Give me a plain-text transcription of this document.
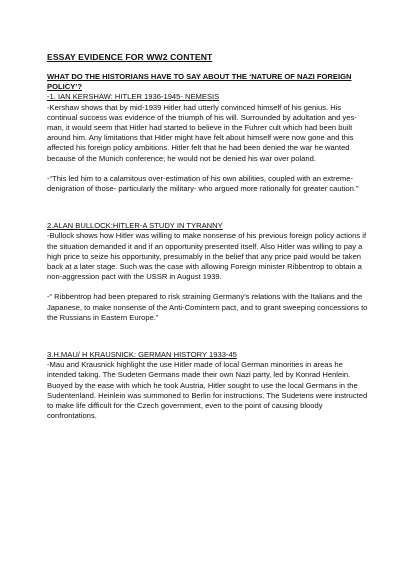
ESSAY EVIDENCE FOR WW2 CONTENT
WHAT DO THE HISTORIANS HAVE TO SAY ABOUT THE ‘NATURE OF NAZI FOREIGN POLICY’?
-1. IAN KERSHAW: HITLER 1936-1945- NEMESIS

-Kershaw shows that by mid-1939 Hitler had utterly convinced himself of his genius. His continual success was evidence of the triumph of his will. Surrounded by adultation and yes-man, it would seem that Hitler had started to believe in the Fuhrer cult which had been built around him. Any limitations that Hitler might have felt about himself were now gone and this affected his foreign policy ambitions. Hitler felt that he had been denied the war he wanted because of the Munich conference; he would not be denied his war over poland.

-“This led him to a calamitous over-estimation of his own abilities, coupled with an extreme- denigration of those- particularly the military- who argued more rationally for greater caution.”

2.ALAN BULLOCK:HITLER-A STUDY IN TYRANNY

-Bullock shows how Hitler was willing to make nonsense of his previous foreign policy actions if the situation demanded it and if an opportunity presented itself. Also Hitler was willing to pay a high price to seize his opportunity, presumably in the belief that any price paid would be taken back at a later stage. Such was the case with allowing Foreign minister Ribbentrop to obtain a non-aggression pact with the USSR in August 1939.

-“ Ribbentrop had been prepared to risk straining Germany’s relations with the Italians and the Japanese, to make nonsense of the Anti-Comintern pact, and to grant sweeping concessions to the Russians in Eastern Europe.”

3.H.MAU/ H KRAUSNICK: GERMAN HISTORY 1933-45

-Mau and Krausnick highlight the use Hitler made of local German minorities in areas he intended taking. The Sudeten Germans made their own Nazi party, led by Konrad Henlein. Buoyed by the ease with which he took Austria, Hitler sought to use the local Germans in the Sudentenland. Heinlein was summoned to Berlin for instructions. The Sudetens were instructed to make life difficult for the Czech government, even to the point of causing bloody confrontations.
